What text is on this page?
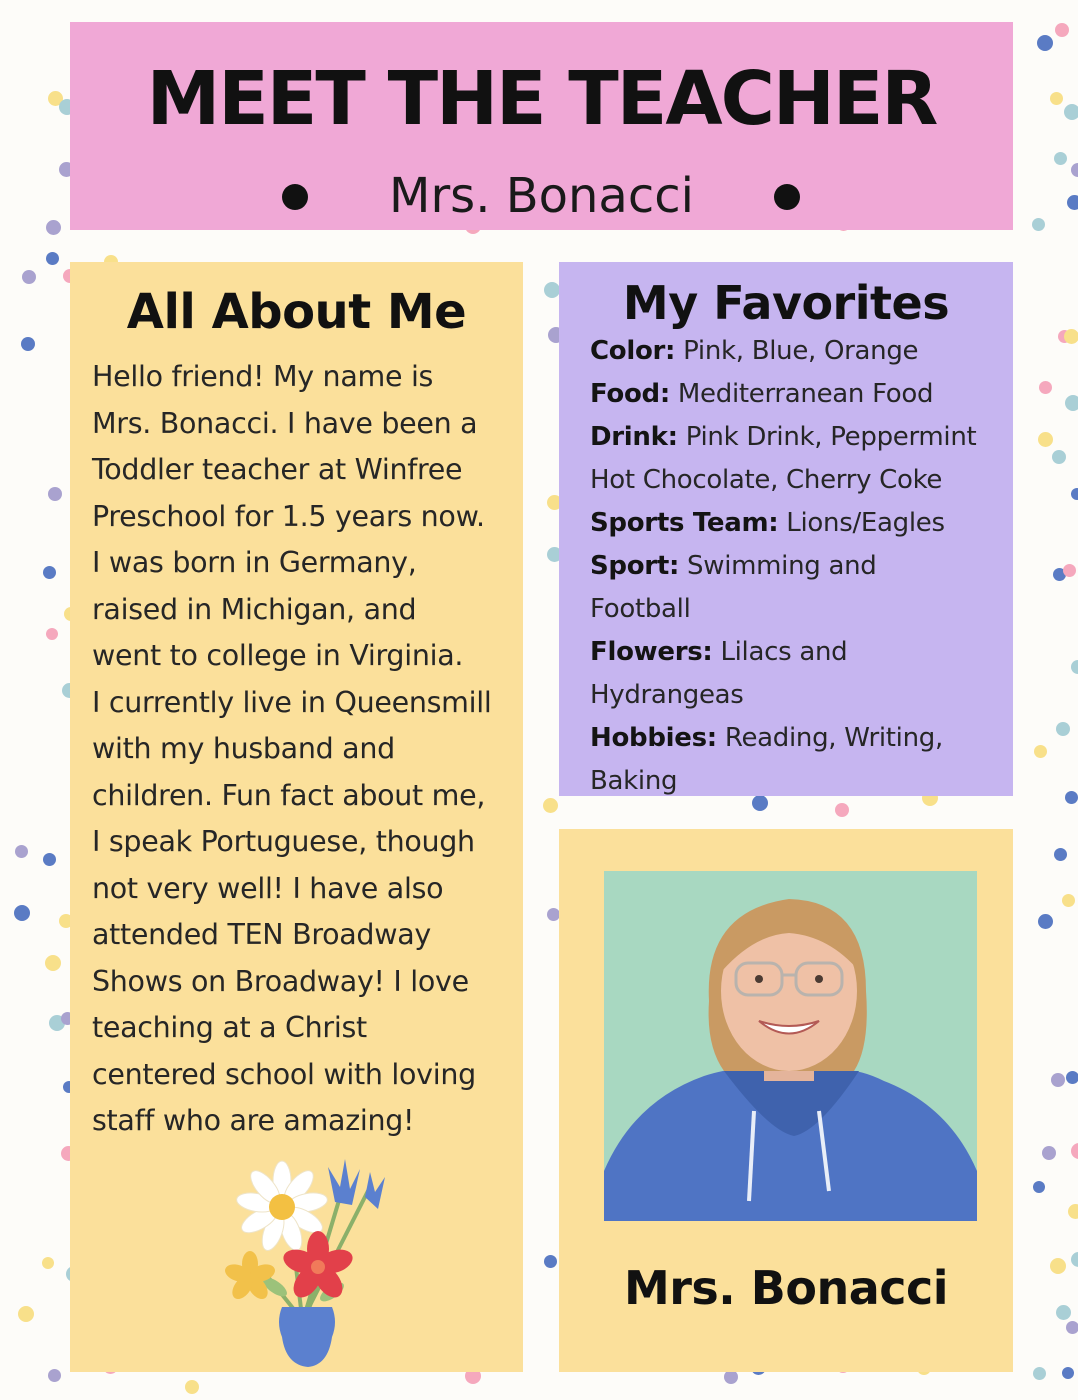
MEET THE TEACHER
Mrs. Bonacci
All About Me
Hello friend! My name is
Mrs. Bonacci. I have been a
Toddler teacher at Winfree
Preschool for 1.5 years now.
I was born in Germany,
raised in Michigan, and
went to college in Virginia.
I currently live in Queensmill
with my husband and
children. Fun fact about me,
I speak Portuguese, though
not very well! I have also
attended TEN Broadway
Shows on Broadway! I love
teaching at a Christ
centered school with loving
staff who are amazing!
My Favorites
Color: Pink, Blue, Orange
Food: Mediterranean Food
Drink: Pink Drink, Peppermint
Hot Chocolate, Cherry Coke
Sports Team: Lions/Eagles
Sport: Swimming and
Football
Flowers: Lilacs and
Hydrangeas
Hobbies: Reading, Writing,
Baking
Mrs. Bonacci
